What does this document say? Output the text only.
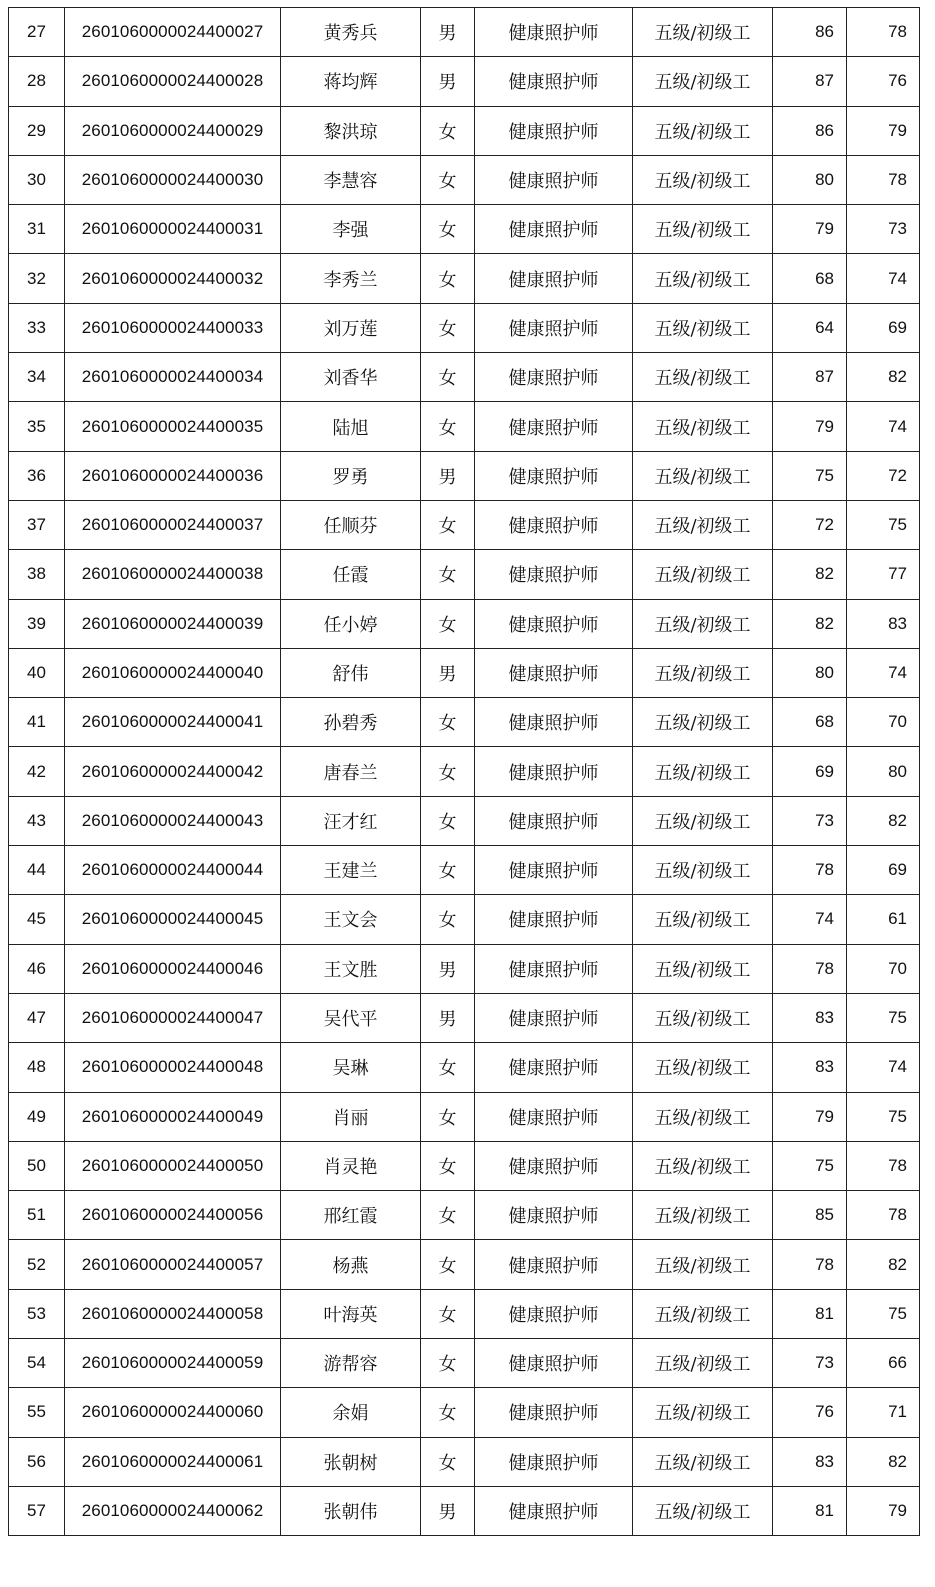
27	2601060000024400027	黄秀兵	男	健康照护师	五级/初级工	86	78
28	2601060000024400028	蒋均辉	男	健康照护师	五级/初级工	87	76
29	2601060000024400029	黎洪琼	女	健康照护师	五级/初级工	86	79
30	2601060000024400030	李慧容	女	健康照护师	五级/初级工	80	78
31	2601060000024400031	李强	女	健康照护师	五级/初级工	79	73
32	2601060000024400032	李秀兰	女	健康照护师	五级/初级工	68	74
33	2601060000024400033	刘万莲	女	健康照护师	五级/初级工	64	69
34	2601060000024400034	刘香华	女	健康照护师	五级/初级工	87	82
35	2601060000024400035	陆旭	女	健康照护师	五级/初级工	79	74
36	2601060000024400036	罗勇	男	健康照护师	五级/初级工	75	72
37	2601060000024400037	任顺芬	女	健康照护师	五级/初级工	72	75
38	2601060000024400038	任霞	女	健康照护师	五级/初级工	82	77
39	2601060000024400039	任小婷	女	健康照护师	五级/初级工	82	83
40	2601060000024400040	舒伟	男	健康照护师	五级/初级工	80	74
41	2601060000024400041	孙碧秀	女	健康照护师	五级/初级工	68	70
42	2601060000024400042	唐春兰	女	健康照护师	五级/初级工	69	80
43	2601060000024400043	汪才红	女	健康照护师	五级/初级工	73	82
44	2601060000024400044	王建兰	女	健康照护师	五级/初级工	78	69
45	2601060000024400045	王文会	女	健康照护师	五级/初级工	74	61
46	2601060000024400046	王文胜	男	健康照护师	五级/初级工	78	70
47	2601060000024400047	吴代平	男	健康照护师	五级/初级工	83	75
48	2601060000024400048	吴琳	女	健康照护师	五级/初级工	83	74
49	2601060000024400049	肖丽	女	健康照护师	五级/初级工	79	75
50	2601060000024400050	肖灵艳	女	健康照护师	五级/初级工	75	78
51	2601060000024400056	邢红霞	女	健康照护师	五级/初级工	85	78
52	2601060000024400057	杨燕	女	健康照护师	五级/初级工	78	82
53	2601060000024400058	叶海英	女	健康照护师	五级/初级工	81	75
54	2601060000024400059	游帮容	女	健康照护师	五级/初级工	73	66
55	2601060000024400060	余娟	女	健康照护师	五级/初级工	76	71
56	2601060000024400061	张朝树	女	健康照护师	五级/初级工	83	82
57	2601060000024400062	张朝伟	男	健康照护师	五级/初级工	81	79
